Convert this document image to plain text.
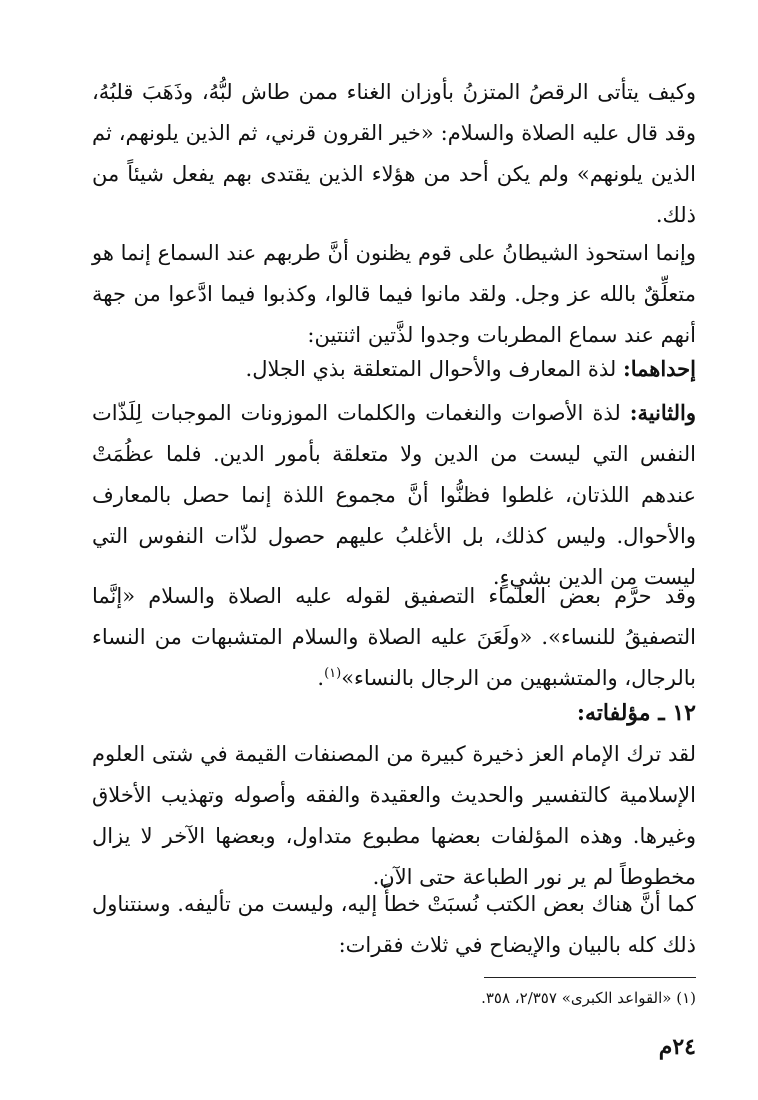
وكيف يتأتى الرقصُ المتزنُ بأوزان الغناء ممن طاش لبُّهُ، وذَهَبَ قلبُهُ، وقد قال عليه الصلاة والسلام: «خير القرون قرني، ثم الذين يلونهم، ثم الذين يلونهم» ولم يكن أحد من هؤلاء الذين يقتدى بهم يفعل شيئاً من ذلك.

وإنما استحوذ الشيطانُ على قوم يظنون أنَّ طربهم عند السماع إنما هو متعلِّقٌ بالله عز وجل. ولقد مانوا فيما قالوا، وكذبوا فيما ادَّعوا من جهة أنهم عند سماع المطربات وجدوا لذَّتين اثنتين:

إحداهما: لذة المعارف والأحوال المتعلقة بذي الجلال.

والثانية: لذة الأصوات والنغمات والكلمات الموزونات الموجبات لِلَذّات النفس التي ليست من الدين ولا متعلقة بأمور الدين. فلما عظُمَتْ عندهم اللذتان، غلطوا فظنُّوا أنَّ مجموع اللذة إنما حصل بالمعارف والأحوال. وليس كذلك، بل الأغلبُ عليهم حصول لذّات النفوس التي ليست من الدين بشيءٍ.

وقد حرَّم بعض العلماء التصفيق لقوله عليه الصلاة والسلام «إنَّما التصفيقُ للنساء». «ولَعَنَ عليه الصلاة والسلام المتشبهات من النساء بالرجال، والمتشبهين من الرجال بالنساء»$^{(١)}$.

١٢ ـ مؤلفاته:

لقد ترك الإمام العز ذخيرة كبيرة من المصنفات القيمة في شتى العلوم الإسلامية كالتفسير والحديث والعقيدة والفقه وأصوله وتهذيب الأخلاق وغيرها. وهذه المؤلفات بعضها مطبوع متداول، وبعضها الآخر لا يزال مخطوطاً لم ير نور الطباعة حتى الآن.

كما أنَّ هناك بعض الكتب نُسبَتْ خطأً إليه، وليست من تأليفه. وسنتناول ذلك كله بالبيان والإيضاح في ثلاث فقرات:

(١) «القواعد الكبرى» ٢/٣٥٧، ٣٥٨.

٢٤م
